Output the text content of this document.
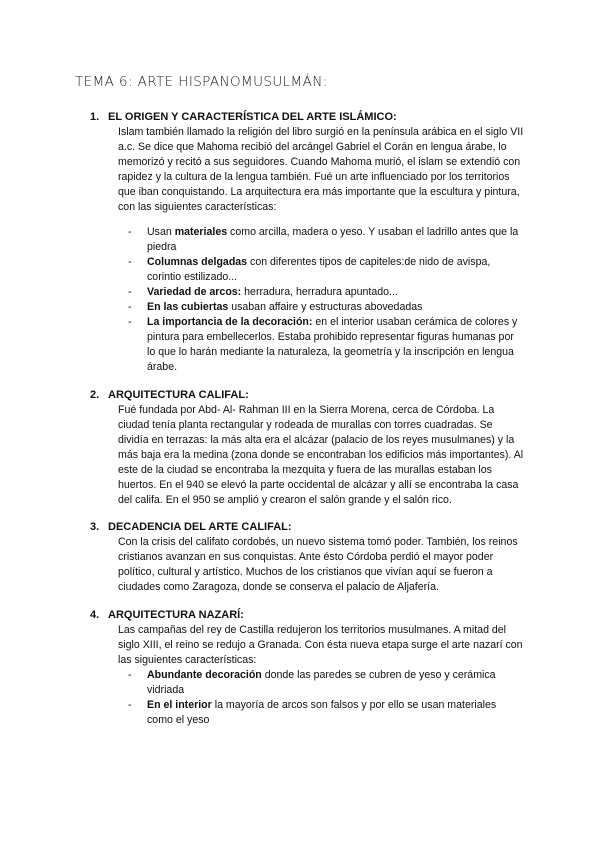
TEMA 6: ARTE HISPANOMUSULMÁN:
1. EL ORIGEN Y CARACTERÍSTICA DEL ARTE ISLÁMICO:

Islam también llamado la religión del libro surgió en la península arábica en el siglo VII a.c. Se dice que Mahoma recibió del arcángel Gabriel el Corán en lengua árabe, lo memorizó y recitó a sus seguidores. Cuando Mahoma murió, el islam se extendió con rapidez y la cultura de la lengua también. Fué un arte influenciado por los territorios que iban conquistando. La arquitectura era más importante que la escultura y pintura, con las siguientes características:

- Usan materiales como arcilla, madera o yeso. Y usaban el ladrillo antes que la piedra
- Columnas delgadas con diferentes tipos de capiteles:de nido de avispa, corintio estilizado...
- Variedad de arcos: herradura, herradura apuntado...
- En las cubiertas usaban affaire y estructuras abovedadas
- La importancia de la decoración: en el interior usaban cerámica de colores y pintura para embellecerlos. Estaba prohibido representar figuras humanas por lo que lo harán mediante la naturaleza, la geometría y la inscripción en lengua árabe.
2. ARQUITECTURA CALIFAL:

Fué fundada por Abd- Al- Rahman III en la Sierra Morena, cerca de Córdoba. La ciudad tenía planta rectangular y rodeada de murallas con torres cuadradas. Se dividía en terrazas: la más alta era el alcázar (palacio de los reyes musulmanes) y la más baja era la medina (zona donde se encontraban los edificios más importantes). Al este de la ciudad se encontraba la mezquita y fuera de las murallas estaban los huertos. En el 940 se elevó la parte occidental de alcázar y allí se encontraba la casa del califa. En el 950 se amplió y crearon el salón grande y el salón rico.

3. DECADENCIA DEL ARTE CALIFAL:

Con la crisis del califato cordobés, un nuevo sistema tomó poder. También, los reinos cristianos avanzan en sus conquistas. Ante ésto Córdoba perdió el mayor poder político, cultural y artístico. Muchos de los cristianos que vivían aquí se fueron a ciudades como Zaragoza, donde se conserva el palacio de Aljafería.

4. ARQUITECTURA NAZARÍ:

Las campañas del rey de Castilla redujeron los territorios musulmanes. A mitad del siglo XIII, el reino se redujo a Granada. Con ésta nueva etapa surge el arte nazarí con las siguientes características:

- Abundante decoración donde las paredes se cubren de yeso y cerámica vidriada
- En el interior la mayoría de arcos son falsos y por ello se usan materiales como el yeso
